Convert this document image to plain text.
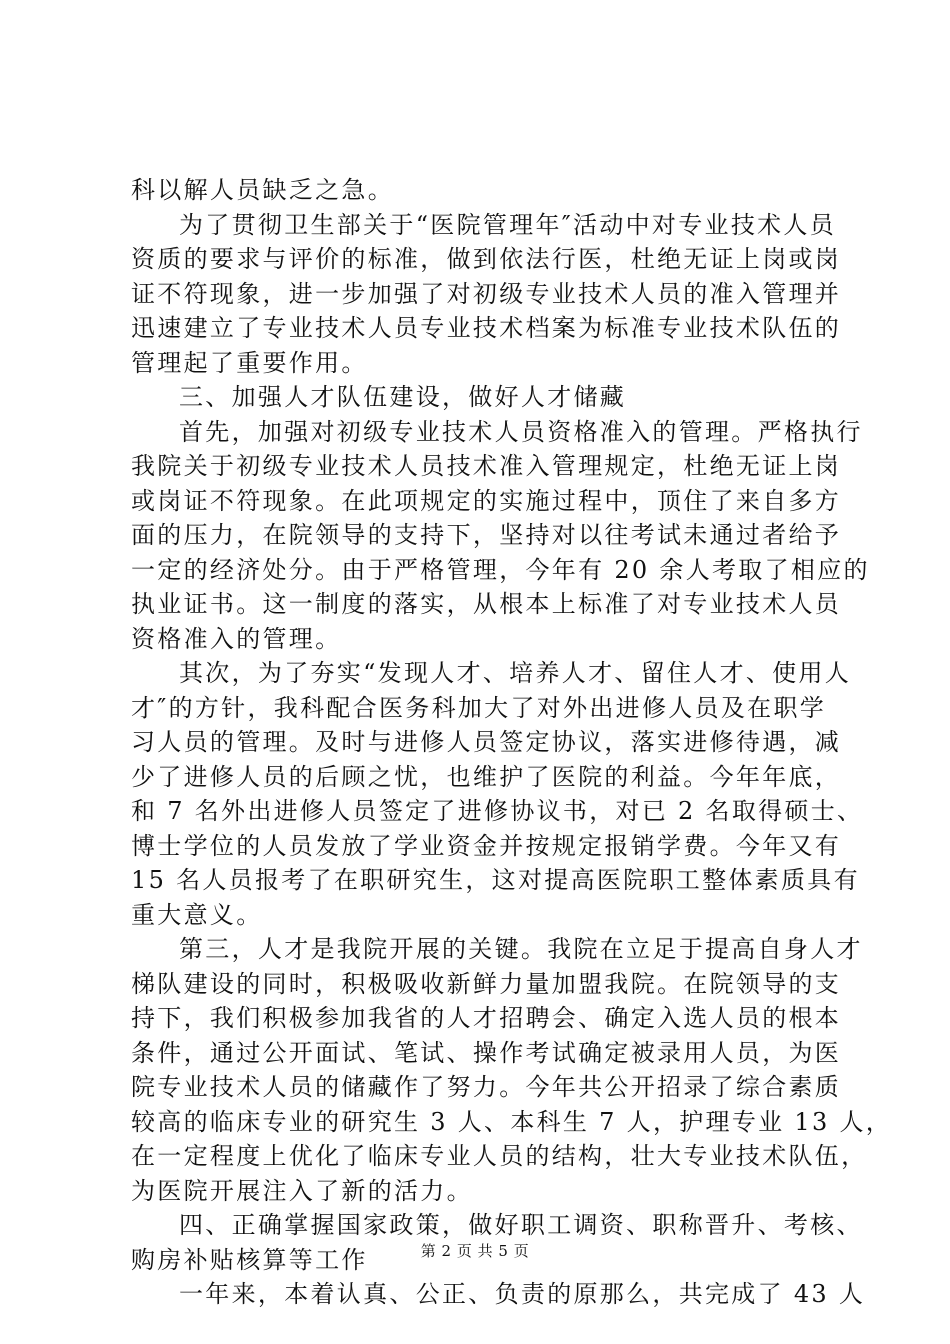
科以解人员缺乏之急。
为了贯彻卫生部关于“医院管理年″活动中对专业技术人员
资质的要求与评价的标准，做到依法行医，杜绝无证上岗或岗
证不符现象，进一步加强了对初级专业技术人员的准入管理并
迅速建立了专业技术人员专业技术档案为标准专业技术队伍的
管理起了重要作用。
三、加强人才队伍建设，做好人才储藏
首先，加强对初级专业技术人员资格准入的管理。严格执行
我院关于初级专业技术人员技术准入管理规定，杜绝无证上岗
或岗证不符现象。在此项规定的实施过程中，顶住了来自多方
面的压力，在院领导的支持下，坚持对以往考试未通过者给予
一定的经济处分。由于严格管理，今年有 20 余人考取了相应的
执业证书。这一制度的落实，从根本上标准了对专业技术人员
资格准入的管理。
其次，为了夯实“发现人才、培养人才、留住人才、使用人
才″的方针，我科配合医务科加大了对外出进修人员及在职学
习人员的管理。及时与进修人员签定协议，落实进修待遇，减
少了进修人员的后顾之忧，也维护了医院的利益。今年年底，
和 7 名外出进修人员签定了进修协议书，对已 2 名取得硕士、
博士学位的人员发放了学业资金并按规定报销学费。今年又有
15 名人员报考了在职研究生，这对提高医院职工整体素质具有
重大意义。
第三，人才是我院开展的关键。我院在立足于提高自身人才
梯队建设的同时，积极吸收新鲜力量加盟我院。在院领导的支
持下，我们积极参加我省的人才招聘会、确定入选人员的根本
条件，通过公开面试、笔试、操作考试确定被录用人员，为医
院专业技术人员的储藏作了努力。今年共公开招录了综合素质
较高的临床专业的研究生 3 人、本科生 7 人，护理专业 13 人，
在一定程度上优化了临床专业人员的结构，壮大专业技术队伍，
为医院开展注入了新的活力。
四、正确掌握国家政策，做好职工调资、职称晋升、考核、
购房补贴核算等工作
一年来，本着认真、公正、负责的原那么，共完成了 43 人
第 2 页 共 5 页
